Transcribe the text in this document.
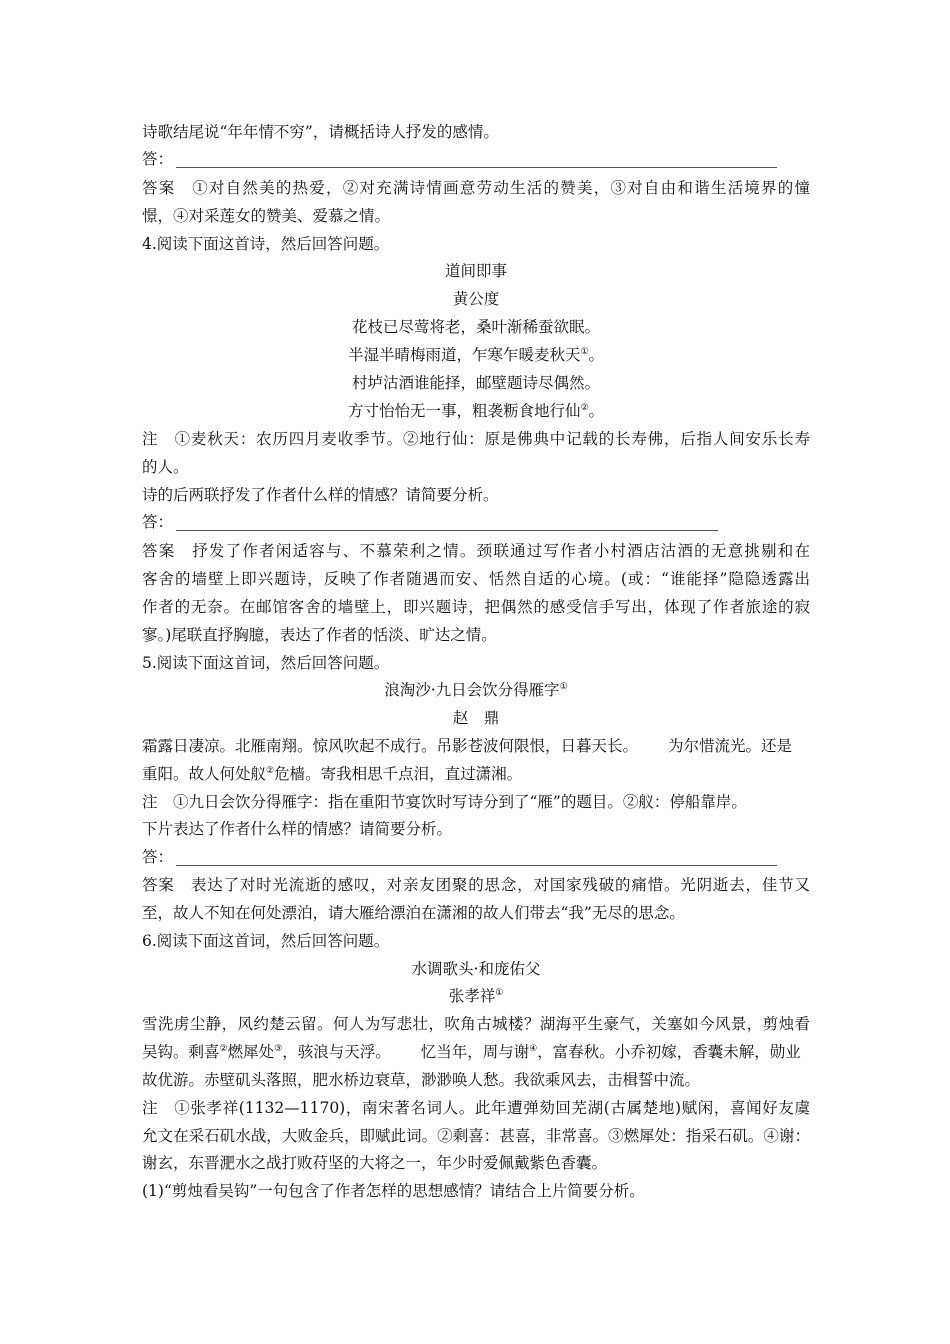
诗歌结尾说“年年情不穷”，请概括诗人抒发的感情。
答：
答案　①对自然美的热爱，②对充满诗情画意劳动生活的赞美，③对自由和谐生活境界的憧
憬，④对采莲女的赞美、爱慕之情。
4.阅读下面这首诗，然后回答问题。
道间即事
黄公度
花枝已尽莺将老，桑叶渐稀蚕欲眠。
半湿半晴梅雨道，乍寒乍暖麦秋天①。
村垆沽酒谁能择，邮壁题诗尽偶然。
方寸怡怡无一事，粗袭粝食地行仙②。
注　①麦秋天：农历四月麦收季节。②地行仙：原是佛典中记载的长寿佛，后指人间安乐长寿
的人。
诗的后两联抒发了作者什么样的情感？请简要分析。
答：
答案　抒发了作者闲适容与、不慕荣利之情。颈联通过写作者小村酒店沽酒的无意挑剔和在
客舍的墙壁上即兴题诗，反映了作者随遇而安、恬然自适的心境。(或：“谁能择”隐隐透露出
作者的无奈。在邮馆客舍的墙壁上，即兴题诗，把偶然的感受信手写出，体现了作者旅途的寂
寥。)尾联直抒胸臆，表达了作者的恬淡、旷达之情。
5.阅读下面这首词，然后回答问题。
浪淘沙·九日会饮分得雁字①
赵　鼎
霜露日凄凉。北雁南翔。惊风吹起不成行。吊影苍波何限恨，日暮天长。 为尔惜流光。还是
重阳。故人何处舣②危樯。寄我相思千点泪，直过潇湘。
注　①九日会饮分得雁字：指在重阳节宴饮时写诗分到了“雁”的题目。②舣：停船靠岸。
下片表达了作者什么样的情感？请简要分析。
答：
答案　表达了对时光流逝的感叹，对亲友团聚的思念，对国家残破的痛惜。光阴逝去，佳节又
至，故人不知在何处漂泊，请大雁给漂泊在潇湘的故人们带去“我”无尽的思念。
6.阅读下面这首词，然后回答问题。
水调歌头·和庞佑父
张孝祥①
雪洗虏尘静，风约楚云留。何人为写悲壮，吹角古城楼？湖海平生豪气，关塞如今风景，剪烛看
吴钩。剩喜②燃犀处③，骇浪与天浮。 忆当年，周与谢④，富春秋。小乔初嫁，香囊未解，勋业
故优游。赤壁矶头落照，肥水桥边衰草，渺渺唤人愁。我欲乘风去，击楫誓中流。
注　①张孝祥(1132—1170)，南宋著名词人。此年遭弹劾回芜湖(古属楚地)赋闲，喜闻好友虞
允文在采石矶水战，大败金兵，即赋此词。②剩喜：甚喜，非常喜。③燃犀处：指采石矶。④谢：
谢玄，东晋淝水之战打败苻坚的大将之一，年少时爱佩戴紫色香囊。
(1)“剪烛看吴钩”一句包含了作者怎样的思想感情？请结合上片简要分析。
